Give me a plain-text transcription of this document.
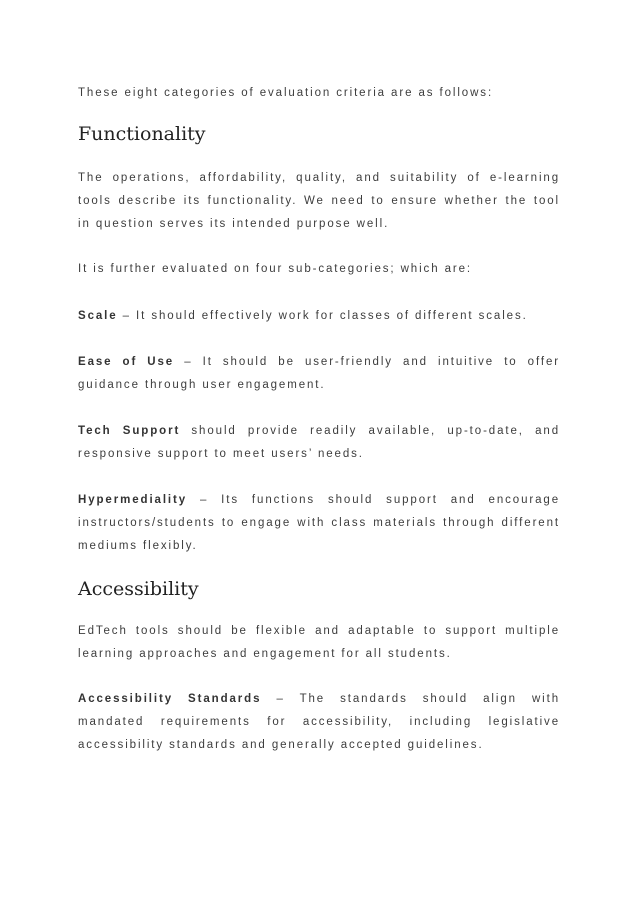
These eight categories of evaluation criteria are as follows:

Functionality

The operations, affordability, quality, and suitability of e-learning tools describe its functionality. We need to ensure whether the tool in question serves its intended purpose well.

It is further evaluated on four sub-categories; which are:

Scale – It should effectively work for classes of different scales.

Ease of Use – It should be user-friendly and intuitive to offer guidance through user engagement.

Tech Support should provide readily available, up-to-date, and responsive support to meet users’ needs.

Hypermediality – Its functions should support and encourage instructors/students to engage with class materials through different mediums flexibly.

Accessibility

EdTech tools should be flexible and adaptable to support multiple learning approaches and engagement for all students.

Accessibility Standards – The standards should align with mandated requirements for accessibility, including legislative accessibility standards and generally accepted guidelines.
